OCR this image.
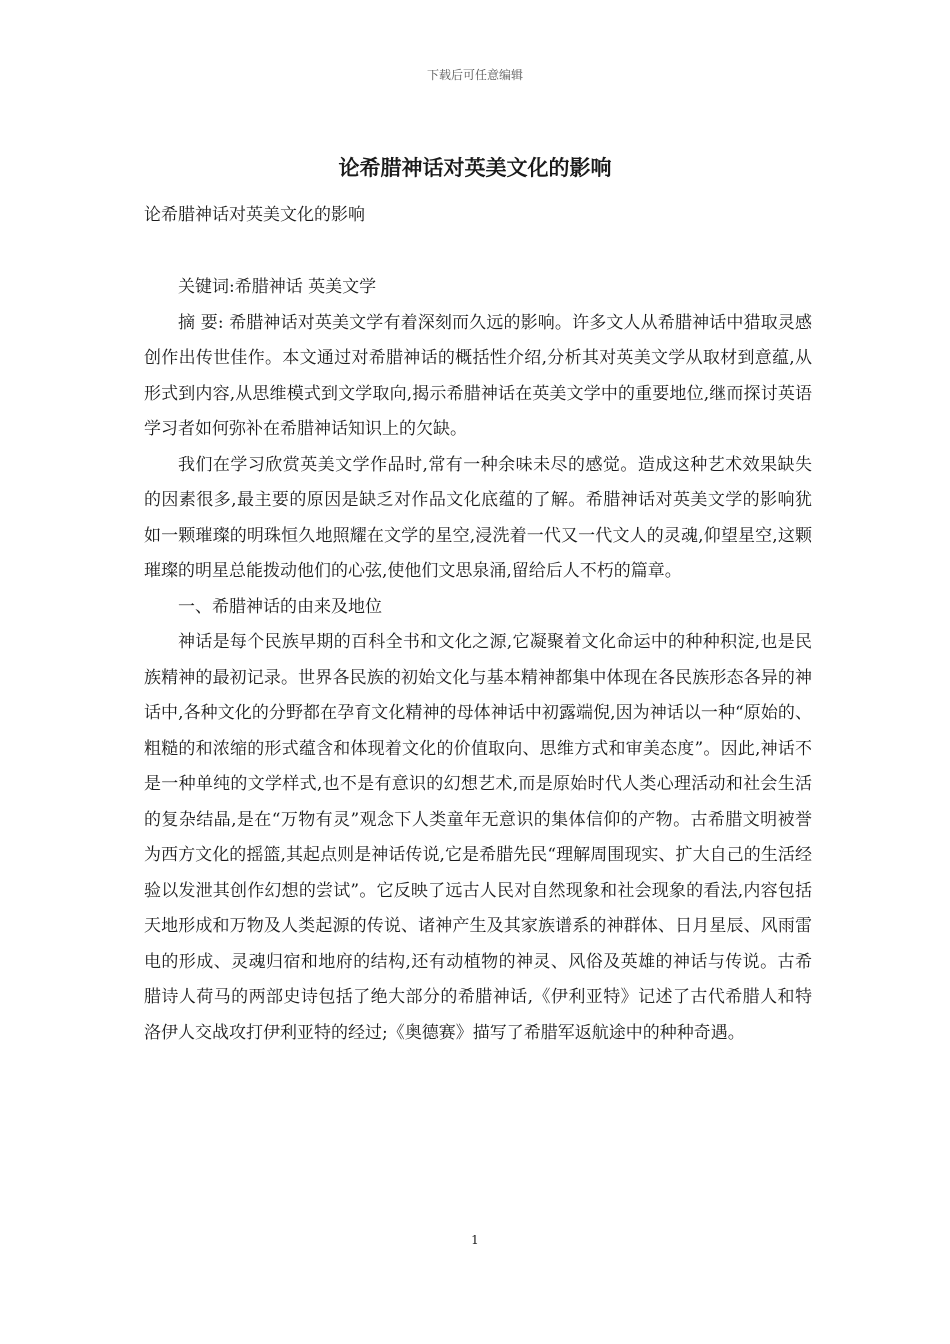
下载后可任意编辑
论希腊神话对英美文化的影响
论希腊神话对英美文化的影响

关键词:希腊神话 英美文学

摘 要: 希腊神话对英美文学有着深刻而久远的影响。许多文人从希腊神话中猎取灵感创作出传世佳作。本文通过对希腊神话的概括性介绍,分析其对英美文学从取材到意蕴,从形式到内容,从思维模式到文学取向,揭示希腊神话在英美文学中的重要地位,继而探讨英语学习者如何弥补在希腊神话知识上的欠缺。

我们在学习欣赏英美文学作品时,常有一种余味未尽的感觉。造成这种艺术效果缺失的因素很多,最主要的原因是缺乏对作品文化底蕴的了解。希腊神话对英美文学的影响犹如一颗璀璨的明珠恒久地照耀在文学的星空,浸洗着一代又一代文人的灵魂,仰望星空,这颗璀璨的明星总能拨动他们的心弦,使他们文思泉涌,留给后人不朽的篇章。

一、希腊神话的由来及地位

神话是每个民族早期的百科全书和文化之源,它凝聚着文化命运中的种种积淀,也是民族精神的最初记录。世界各民族的初始文化与基本精神都集中体现在各民族形态各异的神话中,各种文化的分野都在孕育文化精神的母体神话中初露端倪,因为神话以一种“原始的、粗糙的和浓缩的形式蕴含和体现着文化的价值取向、思维方式和审美态度”。因此,神话不是一种单纯的文学样式,也不是有意识的幻想艺术,而是原始时代人类心理活动和社会生活的复杂结晶,是在“万物有灵”观念下人类童年无意识的集体信仰的产物。古希腊文明被誉为西方文化的摇篮,其起点则是神话传说,它是希腊先民“理解周围现实、扩大自己的生活经验以发泄其创作幻想的尝试”。它反映了远古人民对自然现象和社会现象的看法,内容包括天地形成和万物及人类起源的传说、诸神产生及其家族谱系的神群体、日月星辰、风雨雷电的形成、灵魂归宿和地府的结构,还有动植物的神灵、风俗及英雄的神话与传说。古希腊诗人荷马的两部史诗包括了绝大部分的希腊神话,《伊利亚特》记述了古代希腊人和特洛伊人交战攻打伊利亚特的经过;《奥德赛》描写了希腊军返航途中的种种奇遇。

1
